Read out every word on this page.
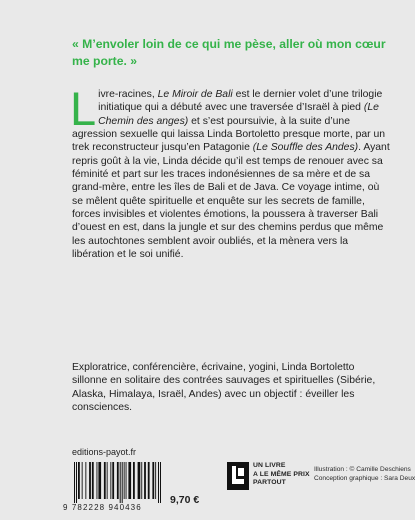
« M’envoler loin de ce qui me pèse, aller où mon cœur me porte. »

Livre-racines, Le Miroir de Bali est le dernier volet d’une trilogie initiatique qui a débuté avec une traversée d’Israël à pied (Le Chemin des anges) et s’est poursuivie, à la suite d’une agression sexuelle qui laissa Linda Bortoletto presque morte, par un trek reconstructeur jusqu’en Patagonie (Le Souffle des Andes). Ayant repris goût à la vie, Linda décide qu’il est temps de renouer avec sa féminité et part sur les traces indonésiennes de sa mère et de sa grand-mère, entre les îles de Bali et de Java. Ce voyage intime, où se mêlent quête spirituelle et enquête sur les secrets de famille, forces invisibles et violentes émotions, la poussera à traverser Bali d’ouest en est, dans la jungle et sur des chemins perdus que même les autochtones semblent avoir oubliés, et la mènera vers la libération et le soi unifié.

Exploratrice, conférencière, écrivaine, yogini, Linda Bortoletto sillonne en solitaire des contrées sauvages et spirituelles (Sibérie, Alaska, Himalaya, Israël, Andes) avec un objectif : éveiller les consciences.

editions-payot.fr
9 782228 940436
9,70 €
UN LIVRE
A LE MÊME PRIX
PARTOUT
Illustration : © Camille Deschiens
Conception graphique : Sara Deux
